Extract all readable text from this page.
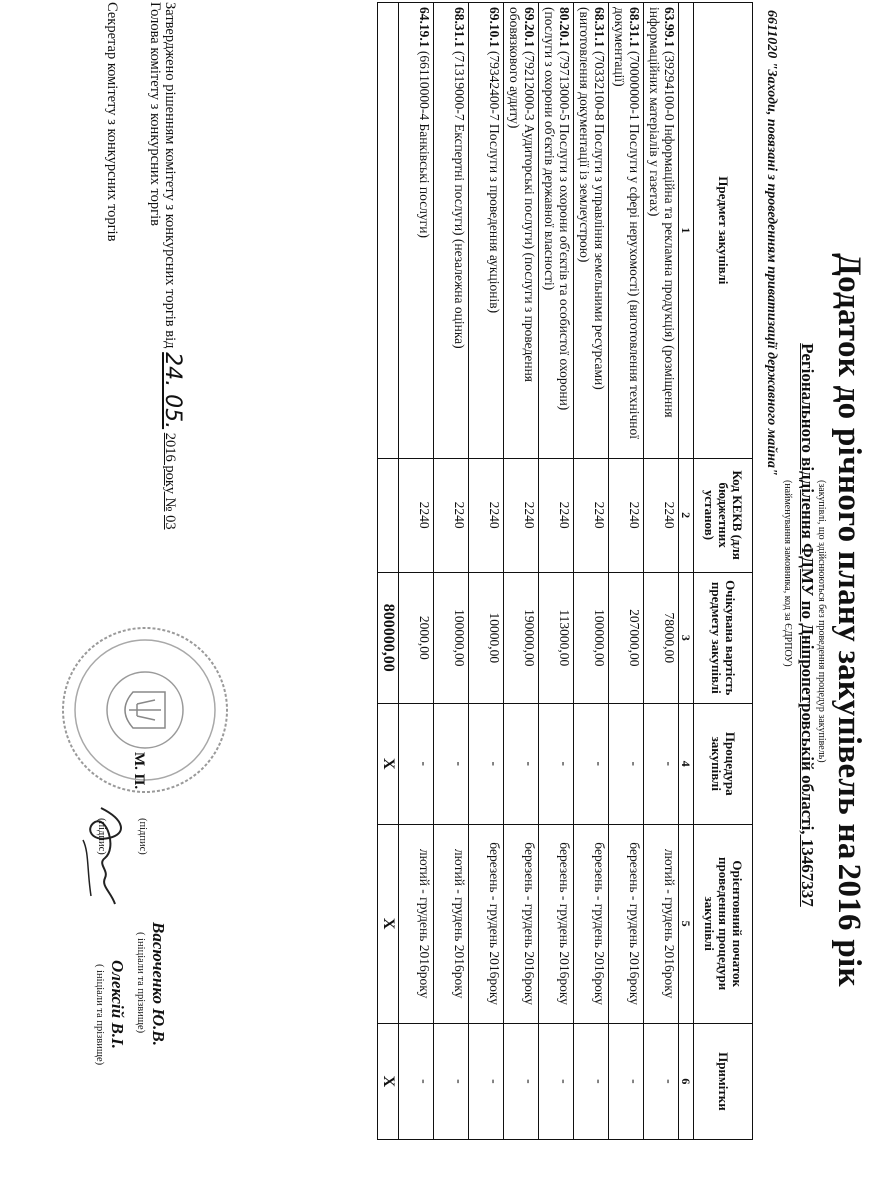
Додаток до річного плану закупівель на 2016 рік
(закупівлі, що здійснюються без проведення процедур закупівель)
Регіонального відділення ФДМУ по Дніпропетровській області, 13467337
(найменування замовника, код за ЄДРПОУ)
6611020 "Заходи, повязані з проведенням приватизації державного майна"
Предмет закупівлі	Код КЕКВ (для бюджетних установ)	Очікувана вартість предмету закупівлі	Процедура закупівлі	Орієнтовний початок проведення процедури закупівлі	Примітки
1	2	3	4	5	6
63.99.1 (39294100-0 Інформаційна та рекламна продукція) (розміщення інформаційних матеріалів у газетах)	2240	78000,00	-	лютий - грудень 2016року	-
68.31.1 (70000000-1 Послуги у сфері нерухомості) (виготовлення технічної документації)	2240	207000,00	-	березень - грудень 2016року	-
68.31.1 (70332100-8 Послуги з управління земельними ресурсами) (виготовлення документації із землеустрою)	2240	100000,00	-	березень - грудень 2016року	-
80.20.1 (79713000-5 Послуги з охорони об'єктів та особистої охорони) (послуги з охорони об'єктів державної власності)	2240	113000,00	-	березень - грудень 2016року	-
69.20.1 (79212000-3 Аудиторські послуги) (послуги з проведення обовязкового аудиту)	2240	190000,00	-	березень - грудень 2016року	-
69.10.1 (79342400-7 Послуги з проведення аукціонів)	2240	10000,00	-	березень - грудень 2016року	-
68.31.1 (71319000-7 Експертні послуги) (незалежна оцінка)	2240	100000,00	-	лютий - грудень 2016року	-
64.19.1 (66110000-4 Банківські послуги)	2240	2000,00	-	лютий - грудень 2016року	-
		800000,00	Х	Х	Х
Затверджено рішенням комітету з конкурсних торгів від 24. 05. 2016 року № 03
Голова комітету з конкурсних торгів
Секретар комітету з конкурсних торгів
(підпис)
Васюченко Ю.В.
( ініціали та прізвище)
М. П.
(підпис)
Олексій В.І.
( ініціали та прізвище)
